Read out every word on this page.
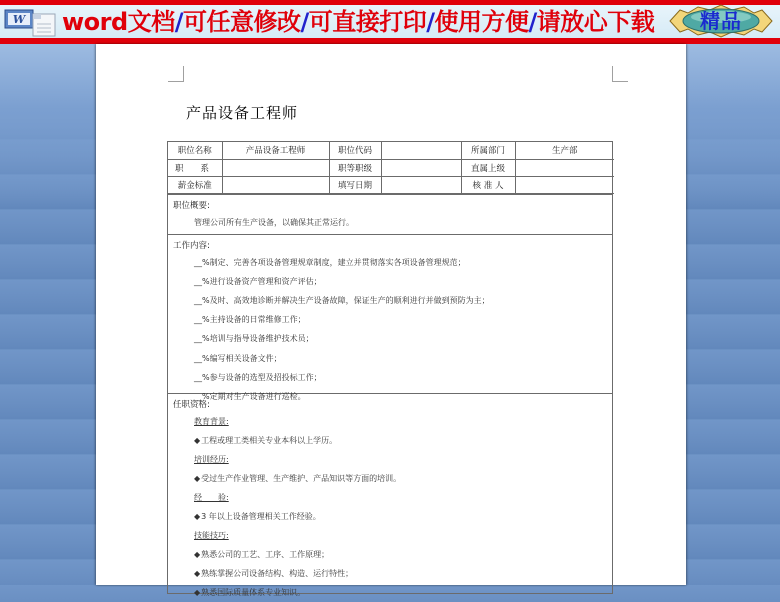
W word文档/可任意修改/可直接打印/使用方便/请放心下载	精品
产品设备工程师
职位名称	产品设备工程师	职位代码		所属部门	生产部
职　　系		职等职级		直属上级	
薪金标准		填写日期		核 准 人	
职位概要:
管理公司所有生产设备，以确保其正常运行。
工作内容:
__%制定、完善各项设备管理规章制度，建立并贯彻落实各项设备管理规范；
__%进行设备资产管理和资产评估；
__%及时、高效地诊断并解决生产设备故障，保证生产的顺利进行并做到预防为主；
__%主持设备的日常维修工作；
__%培训与指导设备维护技术员；
__%编写相关设备文件；
__%参与设备的选型及招投标工作；
__%定期对生产设备进行巡检。
任职资格:
教育背景:
◆工程或理工类相关专业本科以上学历。
培训经历:
◆受过生产作业管理、生产维护、产品知识等方面的培训。
经　　验:
◆3 年以上设备管理相关工作经验。
技能技巧:
◆熟悉公司的工艺、工序、工作原理；
◆熟练掌握公司设备结构、构造、运行特性；
◆熟悉国际质量体系专业知识。
